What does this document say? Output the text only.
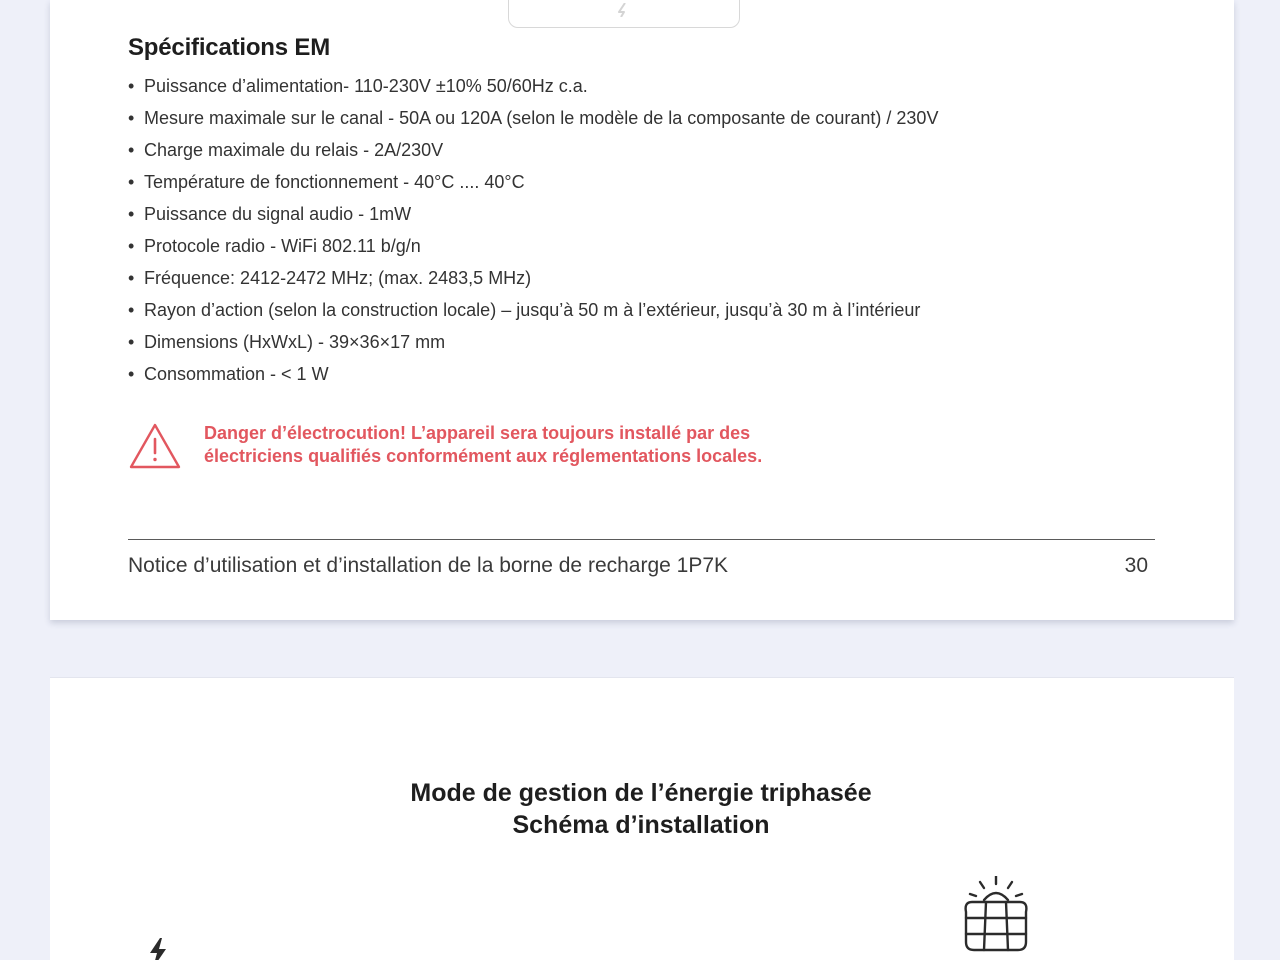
Spécifications EM
• Puissance d’alimentation- 110-230V ±10% 50/60Hz c.a.
• Mesure maximale sur le canal - 50A ou 120A (selon le modèle de la composante de courant) / 230V
• Charge maximale du relais - 2A/230V
• Température de fonctionnement - 40°C .... 40°C
• Puissance du signal audio - 1mW
• Protocole radio - WiFi 802.11 b/g/n
• Fréquence: 2412-2472 MHz; (max. 2483,5 MHz)
• Rayon d’action (selon la construction locale) – jusqu’à 50 m à l’extérieur, jusqu’à 30 m à l’intérieur
• Dimensions (HxWxL) - 39×36×17 mm
• Consommation - < 1 W

Danger d’électrocution! L’appareil sera toujours installé par des
électriciens qualifiés conformément aux réglementations locales.

Notice d’utilisation et d’installation de la borne de recharge 1P7K	30
Mode de gestion de l’énergie triphasée
Schéma d’installation
